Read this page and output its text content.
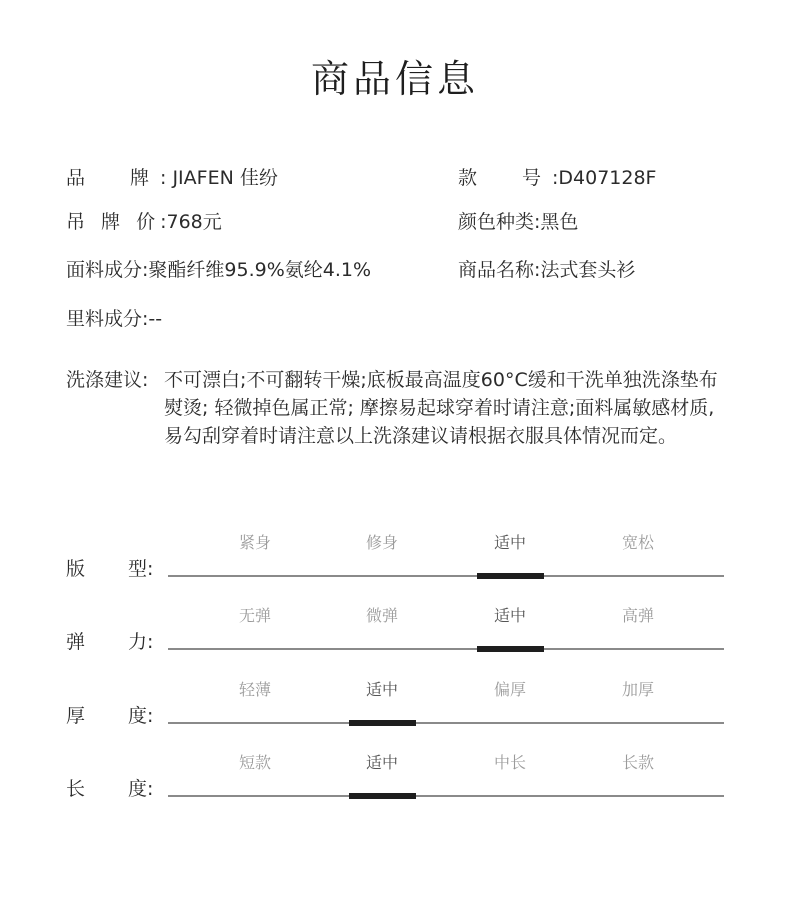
商品信息
品 牌 : JIAFEN 佳纷	款 号 :D407128F
吊 牌 价:768元	颜色种类:黑色
面料成分:聚酯纤维95.9%氨纶4.1%	商品名称:法式套头衫
里料成分:--
洗涤建议: 不可漂白;不可翻转干燥;底板最高温度60°C缓和干洗单独洗涤垫布熨烫; 轻微掉色属正常; 摩擦易起球穿着时请注意;面料属敏感材质,易勾刮穿着时请注意以上洗涤建议请根据衣服具体情况而定。
版 型:
紧身	修身	适中	宽松
弹 力:
无弹	微弹	适中	高弹
厚 度:
轻薄	适中	偏厚	加厚
长 度:
短款	适中	中长	长款
